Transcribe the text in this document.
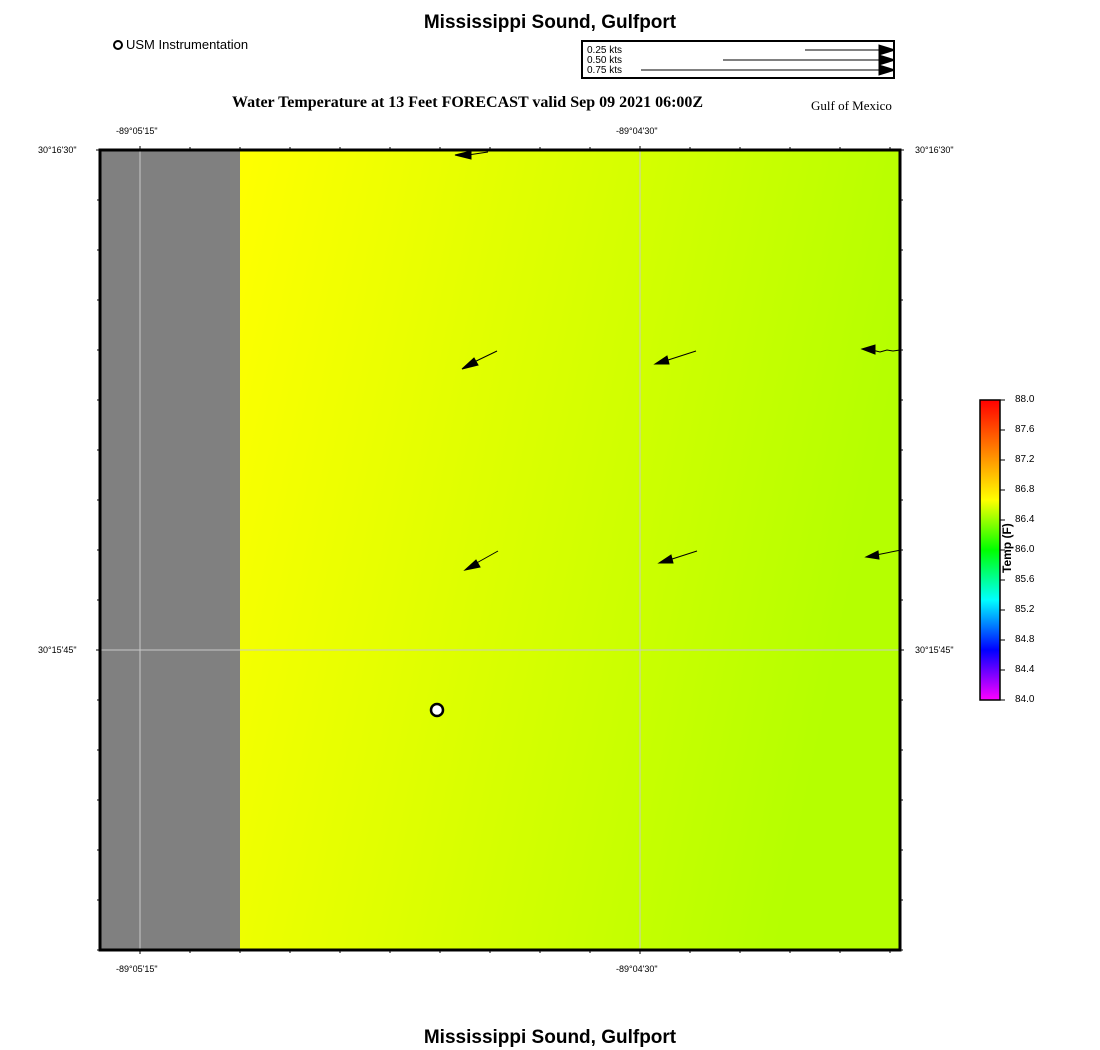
Mississippi Sound, Gulfport
Mississippi Sound, Gulfport
Water Temperature at 13 Feet FORECAST valid Sep 09 2021 06:00Z	Gulf of Mexico
USM Instrumentation	0.25 kts
0.50 kts
0.75 kts
-89°05'15"	-89°04'30"
-89°05'15"	-89°04'30"
30°16'30"
30°15'45"
30°16'30"
30°15'45"
88.0
87.6
87.2
86.8
86.4
86.0
85.6
85.2
84.8
84.4
84.0
Temp (F)
